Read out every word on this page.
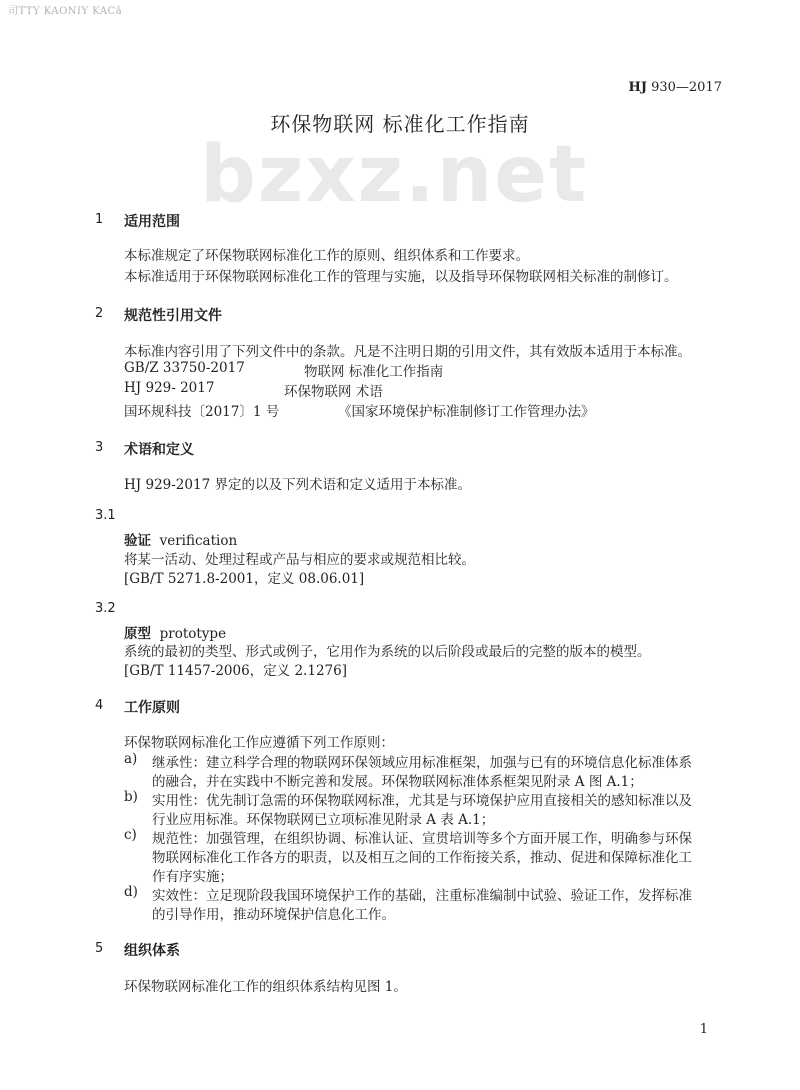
司TTY KAONIY KACā
HJ 930—2017
环保物联网 标准化工作指南
bzxz.net
1 适用范围
本标准规定了环保物联网标准化工作的原则、组织体系和工作要求。
本标准适用于环保物联网标准化工作的管理与实施，以及指导环保物联网相关标准的制修订。
2 规范性引用文件
本标准内容引用了下列文件中的条款。凡是不注明日期的引用文件，其有效版本适用于本标准。
GB/Z 33750-2017	物联网 标准化工作指南
HJ 929- 2017	环保物联网 术语
国环规科技〔2017〕1 号	《国家环境保护标准制修订工作管理办法》
3 术语和定义
HJ 929-2017 界定的以及下列术语和定义适用于本标准。
3.1
验证 verification
将某一活动、处理过程或产品与相应的要求或规范相比较。
[GB/T 5271.8-2001，定义 08.06.01]
3.2
原型 prototype
系统的最初的类型、形式或例子，它用作为系统的以后阶段或最后的完整的版本的模型。
[GB/T 11457-2006，定义 2.1276]
4 工作原则
环保物联网标准化工作应遵循下列工作原则：
a) 继承性：建立科学合理的物联网环保领域应用标准框架，加强与已有的环境信息化标准体系
的融合，并在实践中不断完善和发展。环保物联网标准体系框架见附录 A 图 A.1；
b) 实用性：优先制订急需的环保物联网标准，尤其是与环境保护应用直接相关的感知标准以及
行业应用标准。环保物联网已立项标准见附录 A 表 A.1；
c) 规范性：加强管理，在组织协调、标准认证、宣贯培训等多个方面开展工作，明确参与环保
物联网标准化工作各方的职责，以及相互之间的工作衔接关系，推动、促进和保障标准化工
作有序实施；
d) 实效性：立足现阶段我国环境保护工作的基础，注重标准编制中试验、验证工作，发挥标准
的引导作用，推动环境保护信息化工作。
5 组织体系
环保物联网标准化工作的组织体系结构见图 1。
1
